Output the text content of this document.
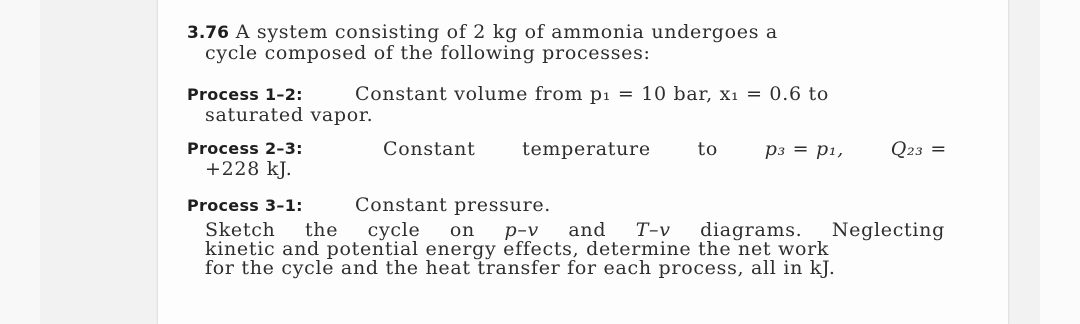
3.76 A system consisting of 2 kg of ammonia undergoes a
cycle composed of the following processes:
Process 1–2:	Constant volume from p₁ = 10 bar, x₁ = 0.6 to
saturated vapor.
Process 2–3:	Constant temperature to p₃ = p₁, Q₂₃ =
+228 kJ.
Process 3–1:	Constant pressure.
Sketch the cycle on p–v and T–v diagrams. Neglecting
kinetic and potential energy effects, determine the net work
for the cycle and the heat transfer for each process, all in kJ.
